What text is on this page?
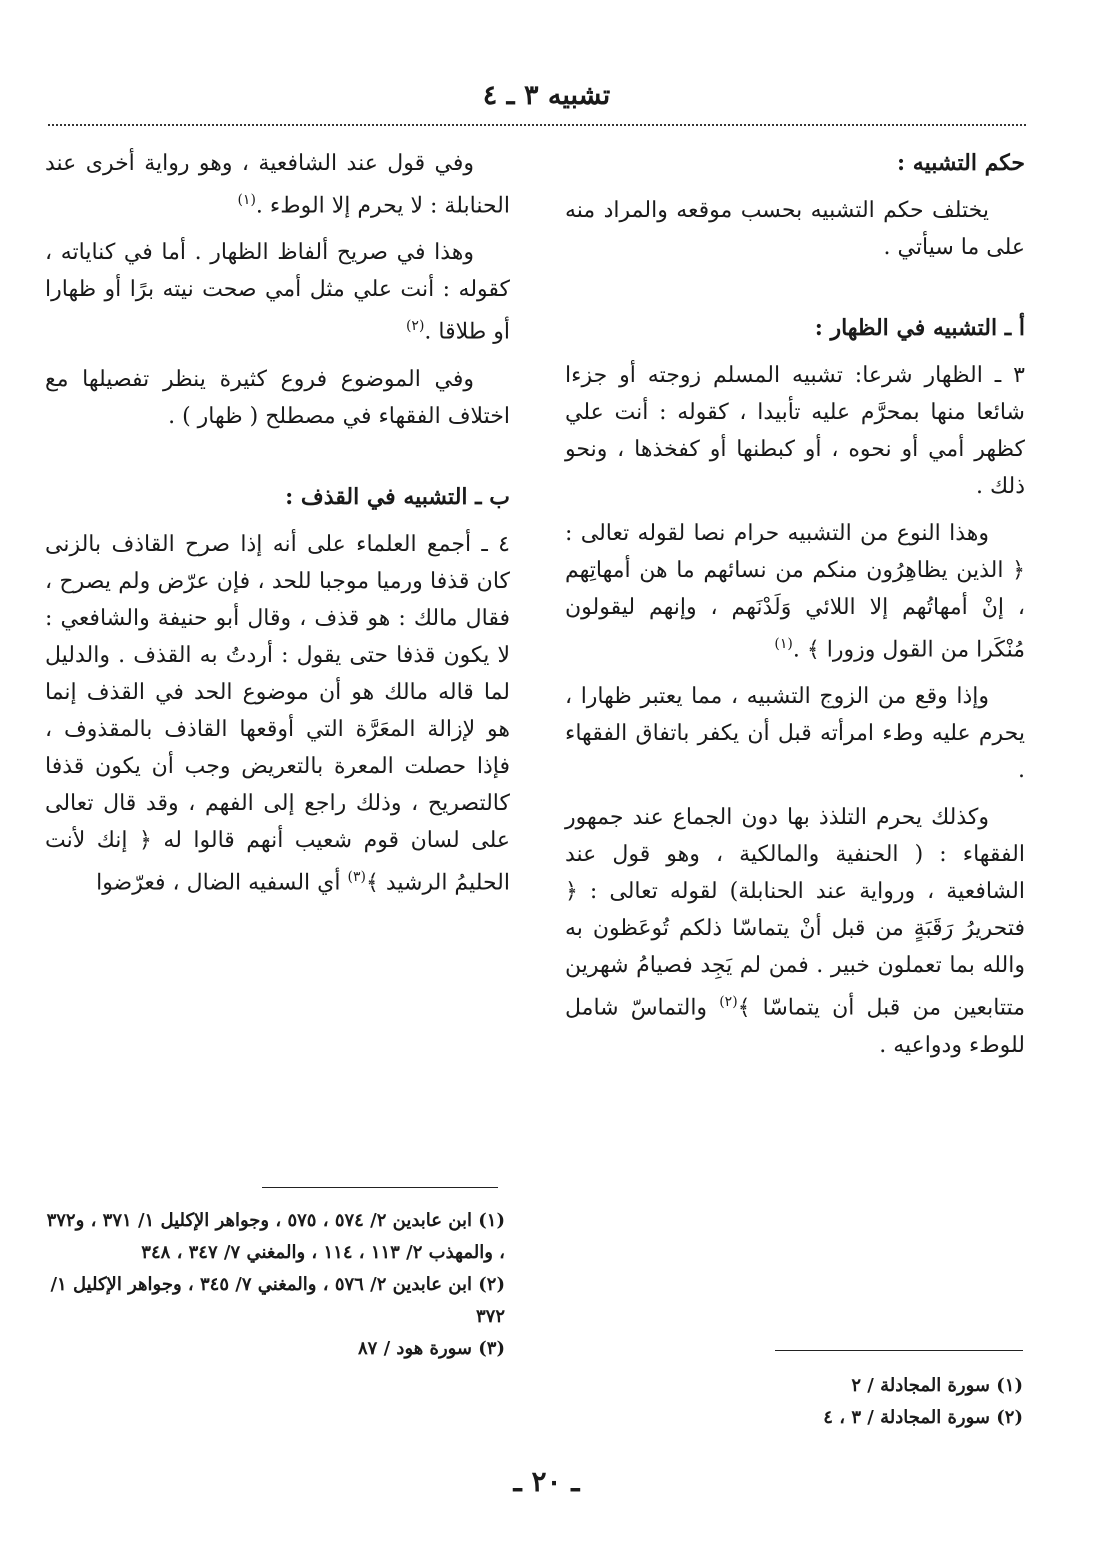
تشبيه ٣ ـ ٤

حكم التشبيه :

يختلف حكم التشبيه بحسب موقعه والمراد منه على ما سيأتي .

أ ـ التشبيه في الظهار :

٣ ـ الظهار شرعا: تشبيه المسلم زوجته أو جزءا شائعا منها بمحرَّم عليه تأبيدا ، كقوله : أنت علي كظهر أمي أو نحوه ، أو كبطنها أو كفخذها ، ونحو ذلك .

وهذا النوع من التشبيه حرام نصا لقوله تعالى : ﴿ الذين يظاهِرُون منكم من نسائهم ما هن أمهاتِهم ، إنْ أمهاتُهم إلا اللائي وَلَدْنَهم ، وإنهم ليقولون مُنْكَرا من القول وزورا ﴾ .$^{(١)}$

وإذا وقع من الزوج التشبيه ، مما يعتبر ظهارا ، يحرم عليه وطء امرأته قبل أن يكفر باتفاق الفقهاء .

وكذلك يحرم التلذذ بها دون الجماع عند جمهور الفقهاء : ( الحنفية والمالكية ، وهو قول عند الشافعية ، ورواية عند الحنابلة) لقوله تعالى : ﴿ فتحريرُ رَقَبَةٍ من قبل أنْ يتماسّا ذلكم تُوعَظون به والله بما تعملون خبير . فمن لم يَجِد فصيامُ شهرين متتابعين من قبل أن يتماسّا ﴾$^{(٢)}$ والتماسّ شامل للوطء ودواعيه .

وفي قول عند الشافعية ، وهو رواية أخرى عند الحنابلة : لا يحرم إلا الوطء .$^{(١)}$

وهذا في صريح ألفاظ الظهار . أما في كناياته ، كقوله : أنت علي مثل أمي صحت نيته برًا أو ظهارا أو طلاقا .$^{(٢)}$

وفي الموضوع فروع كثيرة ينظر تفصيلها مع اختلاف الفقهاء في مصطلح ( ظهار ) .

ب ـ التشبيه في القذف :

٤ ـ أجمع العلماء على أنه إذا صرح القاذف بالزنى كان قذفا ورميا موجبا للحد ، فإن عرّض ولم يصرح ، فقال مالك : هو قذف ، وقال أبو حنيفة والشافعي : لا يكون قذفا حتى يقول : أردتُ به القذف . والدليل لما قاله مالك هو أن موضوع الحد في القذف إنما هو لإزالة المعَرَّة التي أوقعها القاذف بالمقذوف ، فإذا حصلت المعرة بالتعريض وجب أن يكون قذفا كالتصريح ، وذلك راجع إلى الفهم ، وقد قال تعالى على لسان قوم شعيب أنهم قالوا له ﴿ إنك لأنت الحليمُ الرشيد ﴾$^{(٣)}$ أي السفيه الضال ، فعرّضوا

(١) ابن عابدين ٢/ ٥٧٤ ، ٥٧٥ ، وجواهر الإكليل ١/ ٣٧١ ، و٣٧٢ ، والمهذب ٢/ ١١٣ ، ١١٤ ، والمغني ٧/ ٣٤٧ ، ٣٤٨
(٢) ابن عابدين ٢/ ٥٧٦ ، والمغني ٧/ ٣٤٥ ، وجواهر الإكليل ١/ ٣٧٢
(٣) سورة هود / ٨٧
(١) سورة المجادلة / ٢
(٢) سورة المجادلة / ٣ ، ٤
ـ ٢٠ ـ
